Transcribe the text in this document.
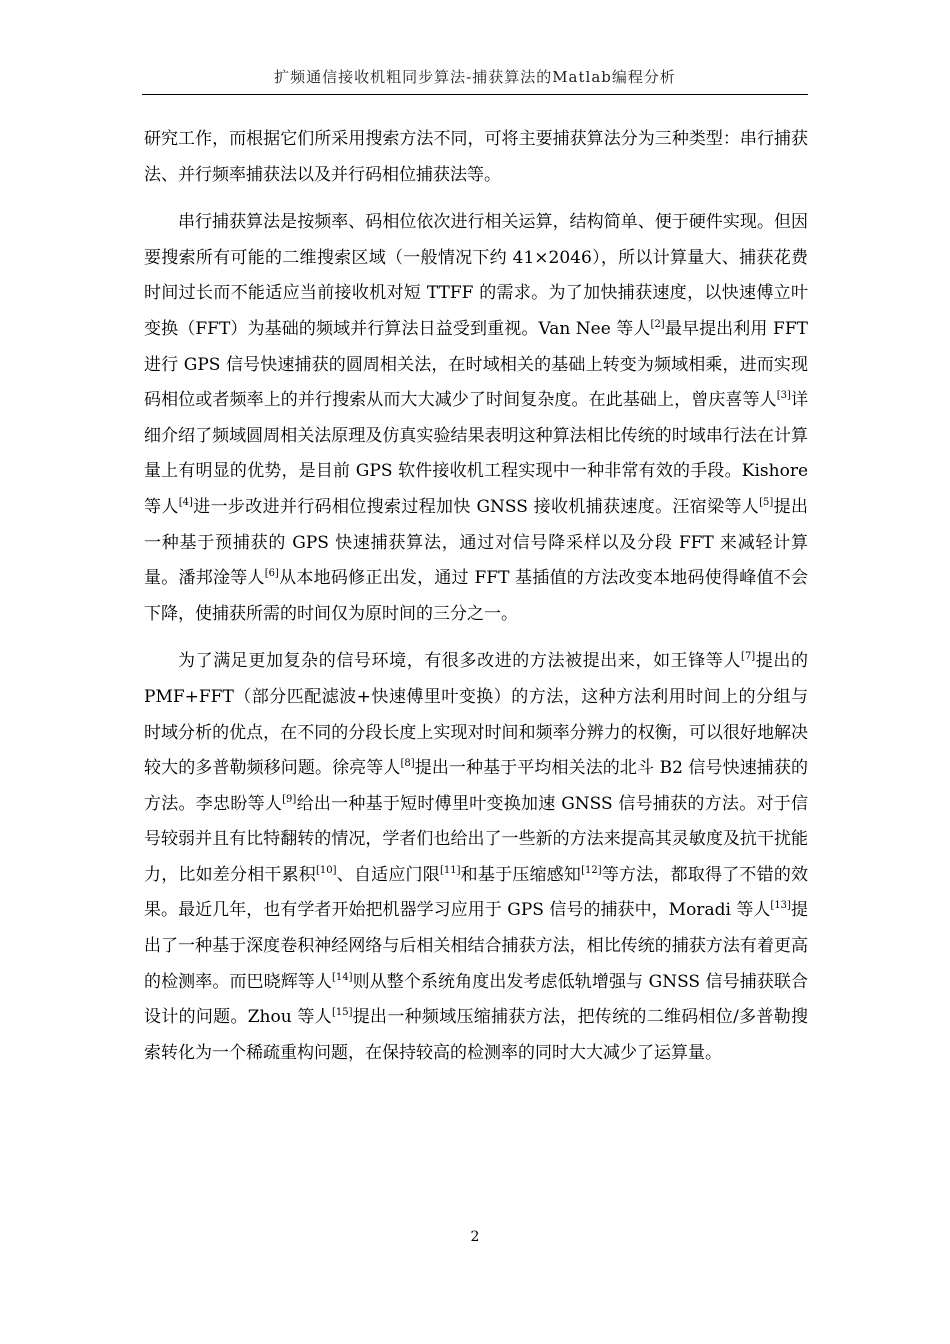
扩频通信接收机粗同步算法-捕获算法的Matlab编程分析

研究工作，而根据它们所采用搜索方法不同，可将主要捕获算法分为三种类型：串行捕获法、并行频率捕获法以及并行码相位捕获法等。

串行捕获算法是按频率、码相位依次进行相关运算，结构简单、便于硬件实现。但因要搜索所有可能的二维搜索区域（一般情况下约 41×2046），所以计算量大、捕获花费时间过长而不能适应当前接收机对短 TTFF 的需求。为了加快捕获速度，以快速傅立叶变换（FFT）为基础的频域并行算法日益受到重视。Van Nee 等人[2]最早提出利用 FFT 进行 GPS 信号快速捕获的圆周相关法，在时域相关的基础上转变为频域相乘，进而实现码相位或者频率上的并行搜索从而大大减少了时间复杂度。在此基础上，曾庆喜等人[3]详细介绍了频域圆周相关法原理及仿真实验结果表明这种算法相比传统的时域串行法在计算量上有明显的优势，是目前 GPS 软件接收机工程实现中一种非常有效的手段。Kishore 等人[4]进一步改进并行码相位搜索过程加快 GNSS 接收机捕获速度。汪宿梁等人[5]提出一种基于预捕获的 GPS 快速捕获算法，通过对信号降采样以及分段 FFT 来减轻计算量。潘邦淦等人[6]从本地码修正出发，通过 FFT 基插值的方法改变本地码使得峰值不会下降，使捕获所需的时间仅为原时间的三分之一。

为了满足更加复杂的信号环境，有很多改进的方法被提出来，如王锋等人[7]提出的 PMF+FFT（部分匹配滤波+快速傅里叶变换）的方法，这种方法利用时间上的分组与时域分析的优点，在不同的分段长度上实现对时间和频率分辨力的权衡，可以很好地解决较大的多普勒频移问题。徐亮等人[8]提出一种基于平均相关法的北斗 B2 信号快速捕获的方法。李忠盼等人[9]给出一种基于短时傅里叶变换加速 GNSS 信号捕获的方法。对于信号较弱并且有比特翻转的情况，学者们也给出了一些新的方法来提高其灵敏度及抗干扰能力，比如差分相干累积[10]、自适应门限[11]和基于压缩感知[12]等方法，都取得了不错的效果。最近几年，也有学者开始把机器学习应用于 GPS 信号的捕获中，Moradi 等人[13]提出了一种基于深度卷积神经网络与后相关相结合捕获方法，相比传统的捕获方法有着更高的检测率。而巴晓辉等人[14]则从整个系统角度出发考虑低轨增强与 GNSS 信号捕获联合设计的问题。Zhou 等人[15]提出一种频域压缩捕获方法，把传统的二维码相位/多普勒搜索转化为一个稀疏重构问题，在保持较高的检测率的同时大大减少了运算量。

2
